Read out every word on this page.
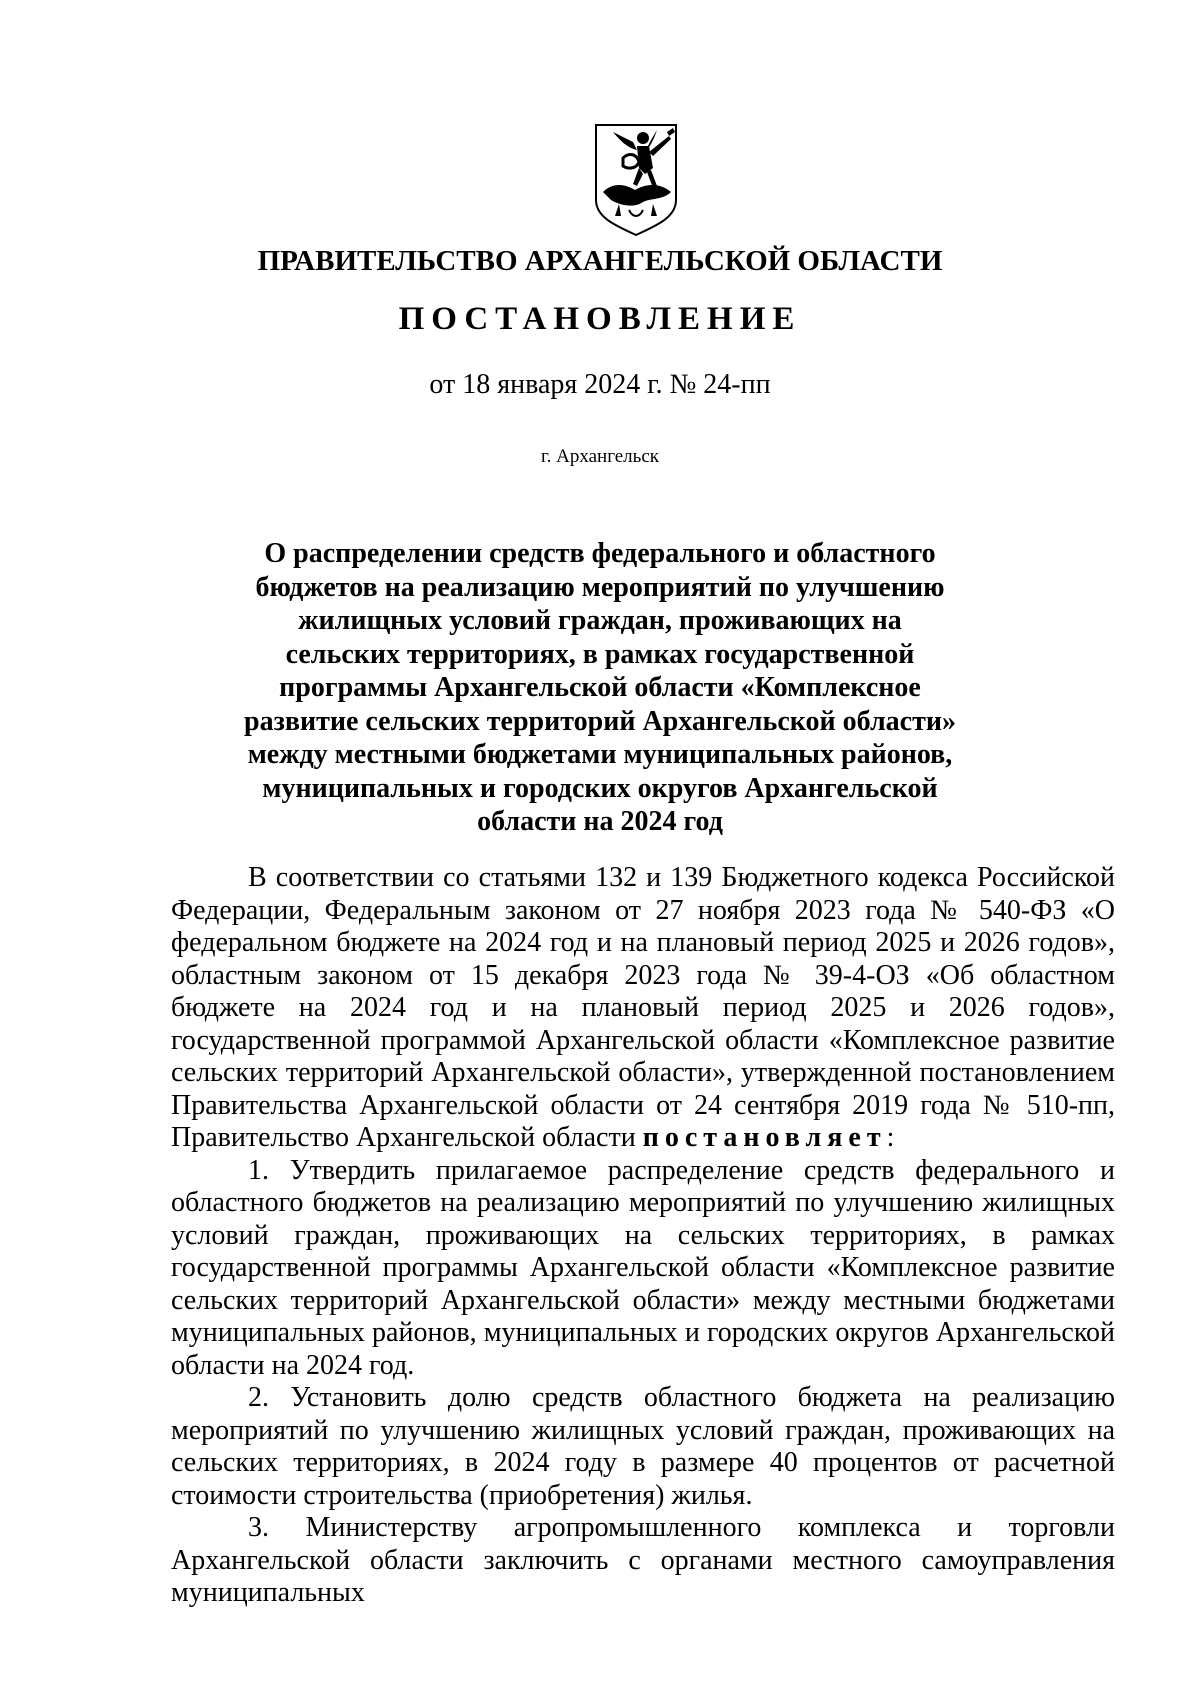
ПРАВИТЕЛЬСТВО АРХАНГЕЛЬСКОЙ ОБЛАСТИ
ПОСТАНОВЛЕНИЕ
от 18 января 2024 г. № 24-пп
г. Архангельск
О распределении средств федерального и областного бюджетов на реализацию мероприятий по улучшению жилищных условий граждан, проживающих на сельских территориях, в рамках государственной программы Архангельской области «Комплексное развитие сельских территорий Архангельской области» между местными бюджетами муниципальных районов, муниципальных и городских округов Архангельской области на 2024 год

В соответствии со статьями 132 и 139 Бюджетного кодекса Российской Федерации, Федеральным законом от 27 ноября 2023 года № 540-ФЗ «О федеральном бюджете на 2024 год и на плановый период 2025 и 2026 годов», областным законом от 15 декабря 2023 года № 39-4-ОЗ «Об областном бюджете на 2024 год и на плановый период 2025 и 2026 годов», государственной программой Архангельской области «Комплексное развитие сельских территорий Архангельской области», утвержденной постановлением Правительства Архангельской области от 24 сентября 2019 года № 510-пп, Правительство Архангельской области постановляет:

1. Утвердить прилагаемое распределение средств федерального и областного бюджетов на реализацию мероприятий по улучшению жилищных условий граждан, проживающих на сельских территориях, в рамках государственной программы Архангельской области «Комплексное развитие сельских территорий Архангельской области» между местными бюджетами муниципальных районов, муниципальных и городских округов Архангельской области на 2024 год.

2. Установить долю средств областного бюджета на реализацию мероприятий по улучшению жилищных условий граждан, проживающих на сельских территориях, в 2024 году в размере 40 процентов от расчетной стоимости строительства (приобретения) жилья.

3. Министерству агропромышленного комплекса и торговли Архангельской области заключить с органами местного самоуправления муниципальных
